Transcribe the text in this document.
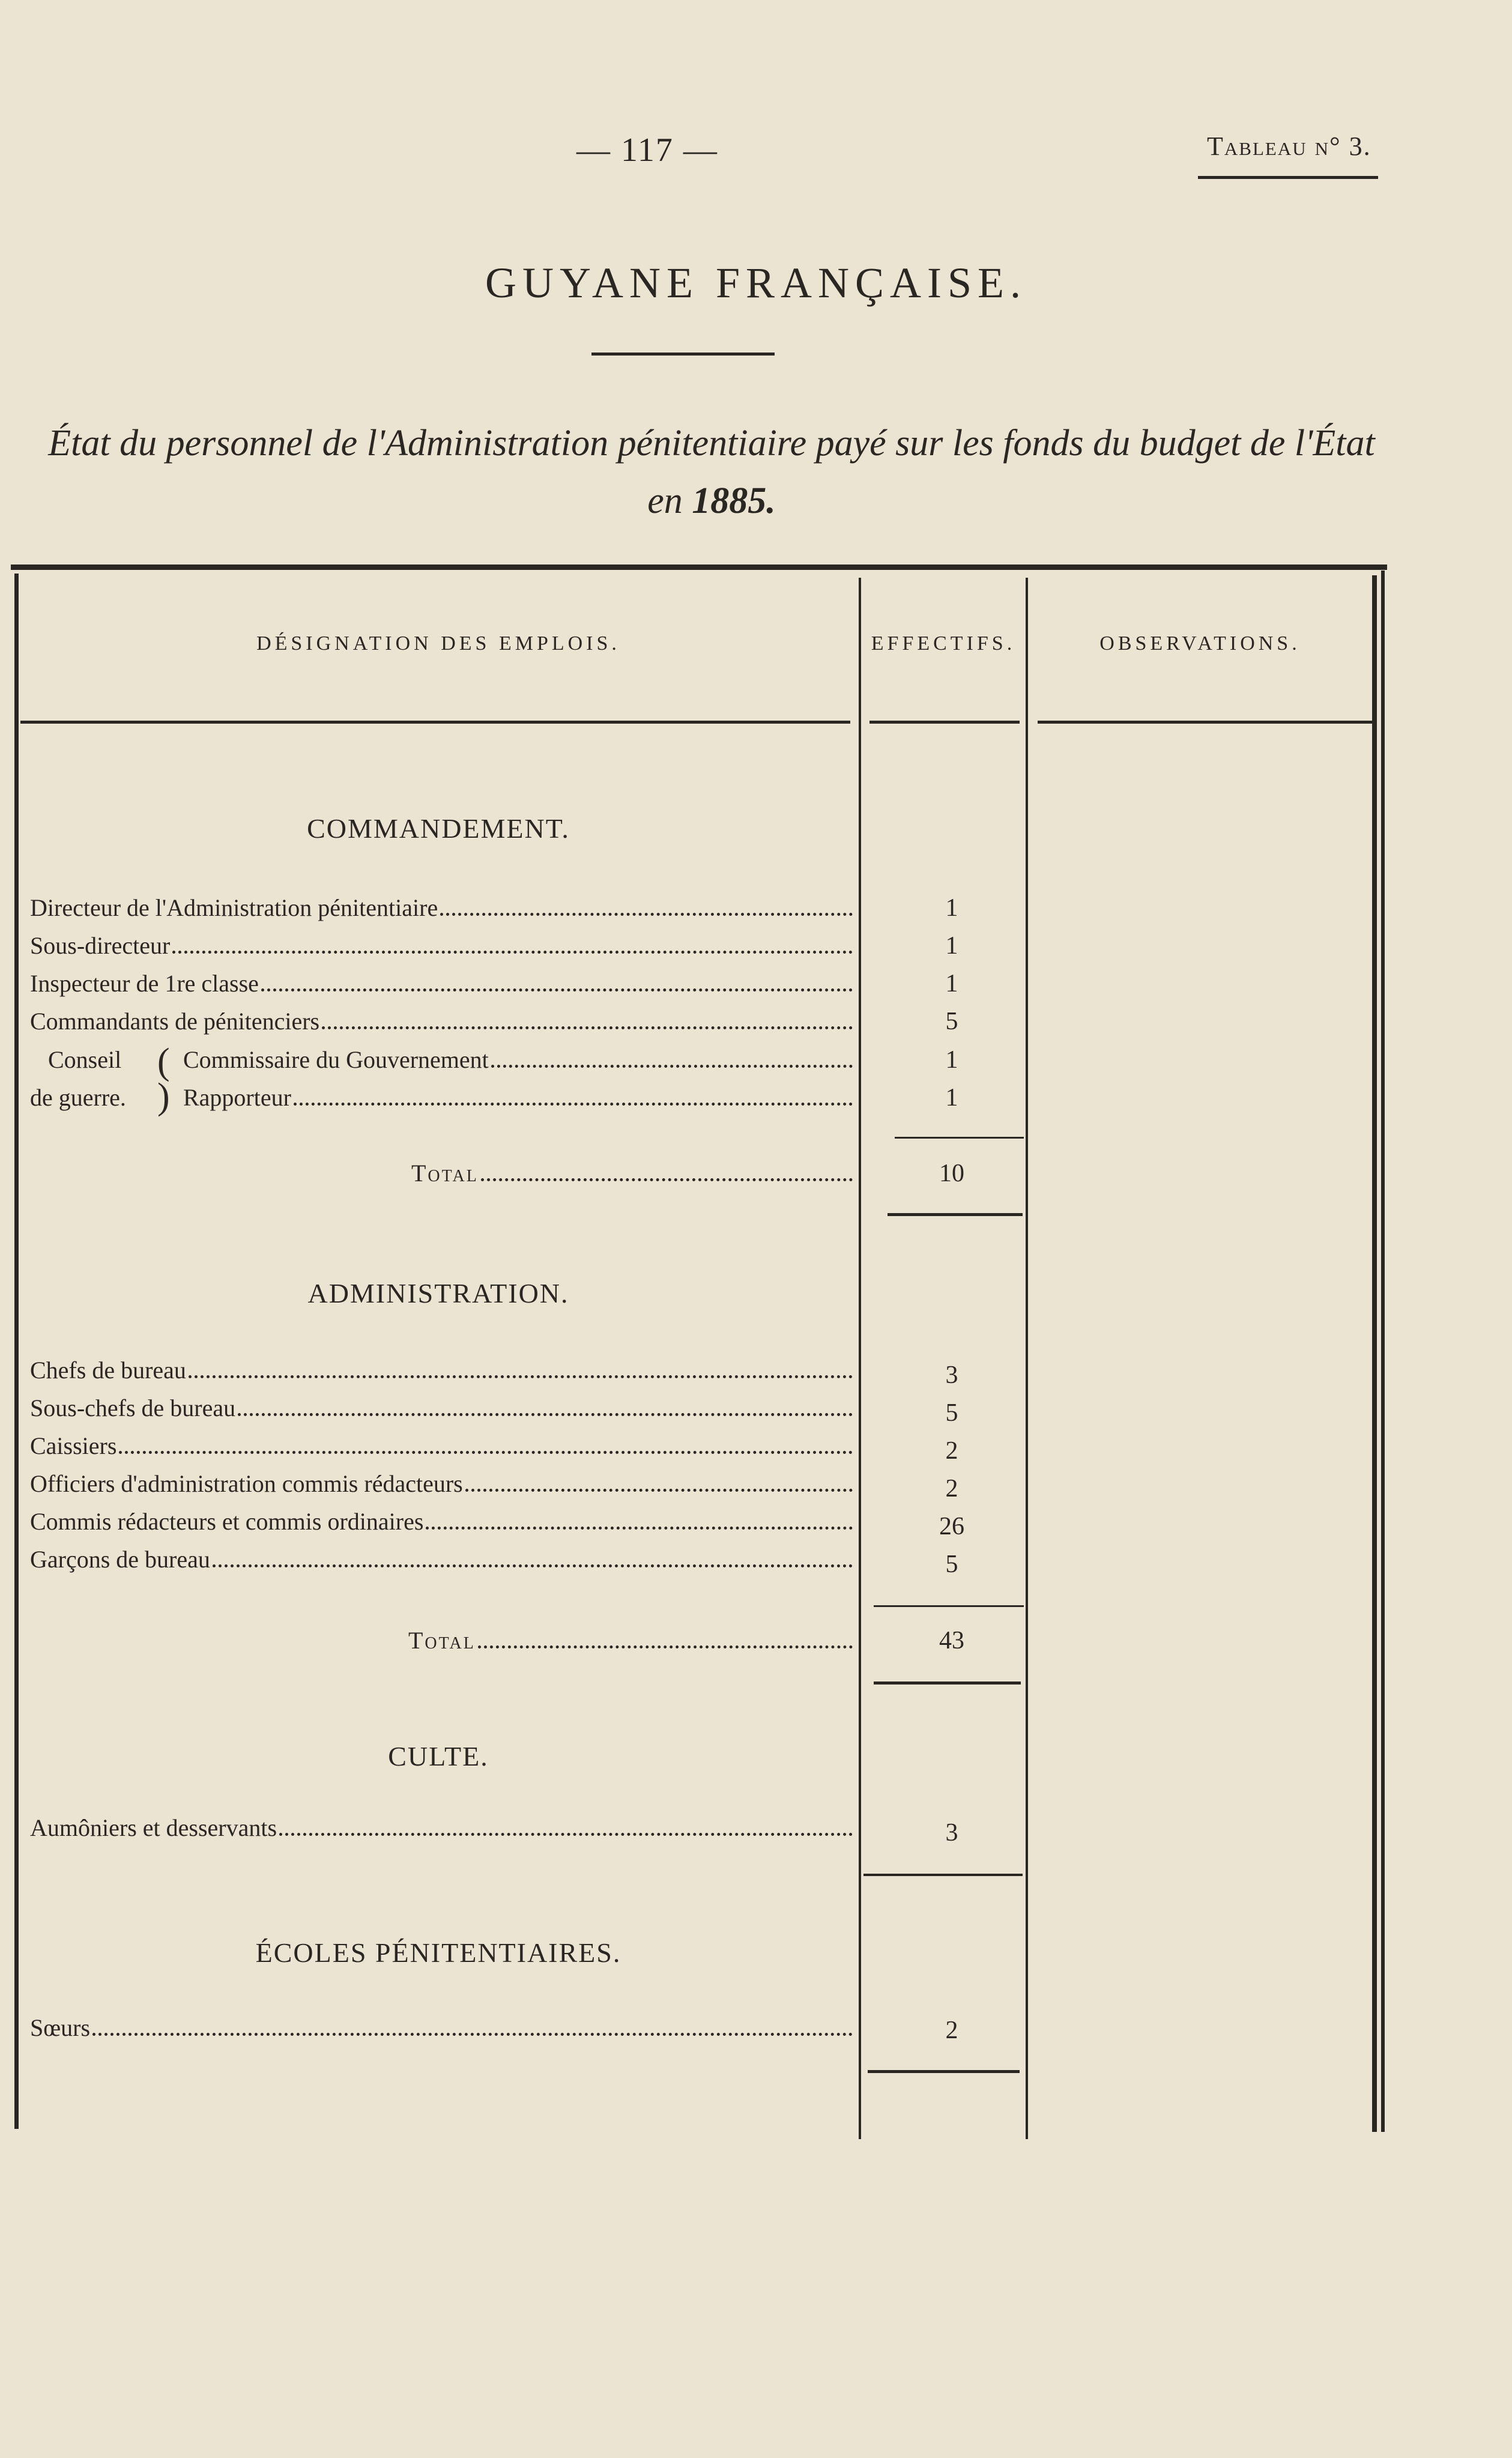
— 117 —	Tableau n° 3.
GUYANE FRANÇAISE.
État du personnel de l'Administration pénitentiaire payé sur les fonds du budget de l'État
en 1885.
DÉSIGNATION DES EMPLOIS.	EFFECTIFS.	OBSERVATIONS.
COMMANDEMENT.
Directeur de l'Administration pénitentiaire	1
Sous-directeur	1
Inspecteur de 1re classe	1
Commandants de pénitenciers	5
Conseil
de guerre.
(
)
Commissaire du Gouvernement	1
Rapporteur	1
Total	10
ADMINISTRATION.
Chefs de bureau	3
Sous-chefs de bureau	5
Caissiers	2
Officiers d'administration commis rédacteurs	2
Commis rédacteurs et commis ordinaires	26
Garçons de bureau	5
Total	43
CULTE.
Aumôniers et desservants	3
ÉCOLES PÉNITENTIAIRES.
Sœurs	2
